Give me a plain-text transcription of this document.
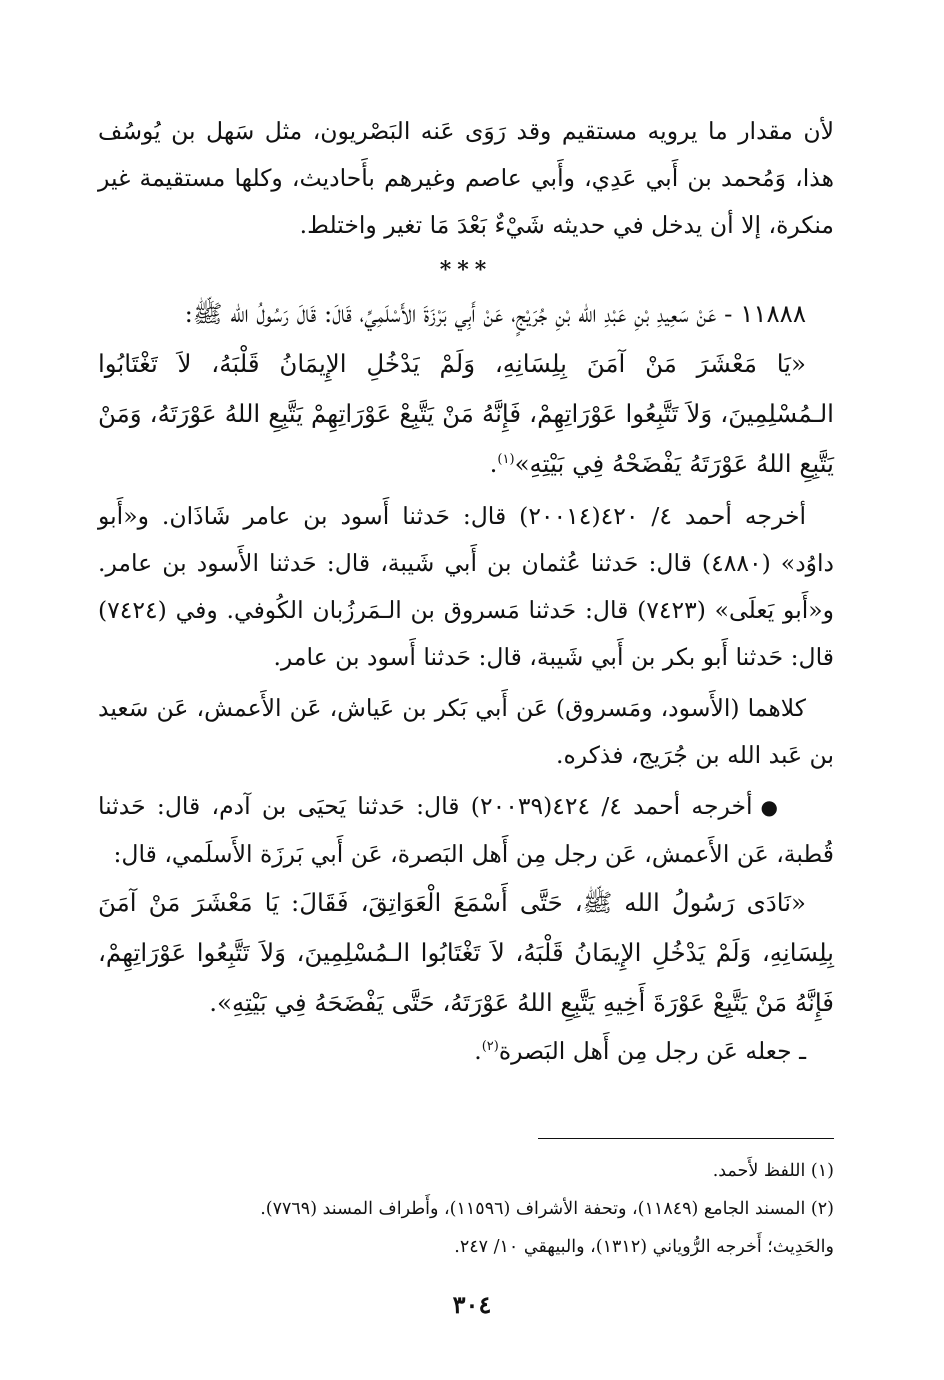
لأن مقدار ما يرويه مستقيم وقد رَوَى عَنه البَصْريون، مثل سَهل بن يُوسُف هذا، وَمُحمد بن أَبي عَدِي، وأَبي عاصم وغيرهم بأَحاديث، وكلها مستقيمة غير منكرة، إلا أن يدخل في حديثه شَيْءٌ بَعْدَ مَا تغير واختلط.

***

١١٨٨٨ - عَنْ سَعِيدِ بْنِ عَبْدِ الله بْنِ جُرَيْجٍ، عَنْ أَبِي بَرْزَةَ الأَسْلَمِيِّ، قَالَ: قَالَ رَسُولُ الله ﷺ:

«يَا مَعْشَرَ مَنْ آمَنَ بِلِسَانِهِ، وَلَمْ يَدْخُلِ الإِيمَانُ قَلْبَهُ، لاَ تَغْتَابُوا الـمُسْلِمِينَ، وَلاَ تَتَّبِعُوا عَوْرَاتِهِمْ، فَإِنَّهُ مَنْ يَتَّبِعْ عَوْرَاتِهِمْ يَتَّبِعِ اللهُ عَوْرَتَهُ، وَمَنْ يَتَّبِعِ اللهُ عَوْرَتَهُ يَفْضَحْهُ فِي بَيْتِهِ»$^{(١)}$.

أخرجه أحمد ٤/ ٤٢٠(٢٠٠١٤) قال: حَدثنا أَسود بن عامر شَاذَان. و«أَبو داوُد» (٤٨٨٠) قال: حَدثنا عُثمان بن أَبي شَيبة، قال: حَدثنا الأَسود بن عامر. و«أَبو يَعلَى» (٧٤٢٣) قال: حَدثنا مَسروق بن الـمَرزُبان الكُوفي. وفي (٧٤٢٤) قال: حَدثنا أَبو بكر بن أَبي شَيبة، قال: حَدثنا أَسود بن عامر.

كلاهما (الأَسود، ومَسروق) عَن أَبي بَكر بن عَياش، عَن الأَعمش، عَن سَعيد بن عَبد الله بن جُرَيج، فذكره.

●أخرجه أحمد ٤/ ٤٢٤(٢٠٠٣٩) قال: حَدثنا يَحيَى بن آدم، قال: حَدثنا قُطبة، عَن الأَعمش، عَن رجل مِن أَهل البَصرة، عَن أَبي بَرزَة الأَسلَمي، قال:

«نَادَى رَسُولُ الله ﷺ، حَتَّى أَسْمَعَ الْعَوَاتِقَ، فَقَالَ: يَا مَعْشَرَ مَنْ آمَنَ بِلِسَانِهِ، وَلَمْ يَدْخُلِ الإِيمَانُ قَلْبَهُ، لاَ تَغْتَابُوا الـمُسْلِمِينَ، وَلاَ تَتَّبِعُوا عَوْرَاتِهِمْ، فَإِنَّهُ مَنْ يَتَّبِعْ عَوْرَةَ أَخِيهِ يَتَّبِعِ اللهُ عَوْرَتَهُ، حَتَّى يَفْضَحَهُ فِي بَيْتِهِ».

ـ جعله عَن رجل مِن أَهل البَصرة$^{(٢)}$.

(١) اللفظ لأَحمد.

(٢) المسند الجامع (١١٨٤٩)، وتحفة الأشراف (١١٥٩٦)، وأَطراف المسند (٧٧٦٩).

والحَدِيث؛ أَخرجه الرُّوياني (١٣١٢)، والبيهقي ١٠/ ٢٤٧.

٣٠٤
